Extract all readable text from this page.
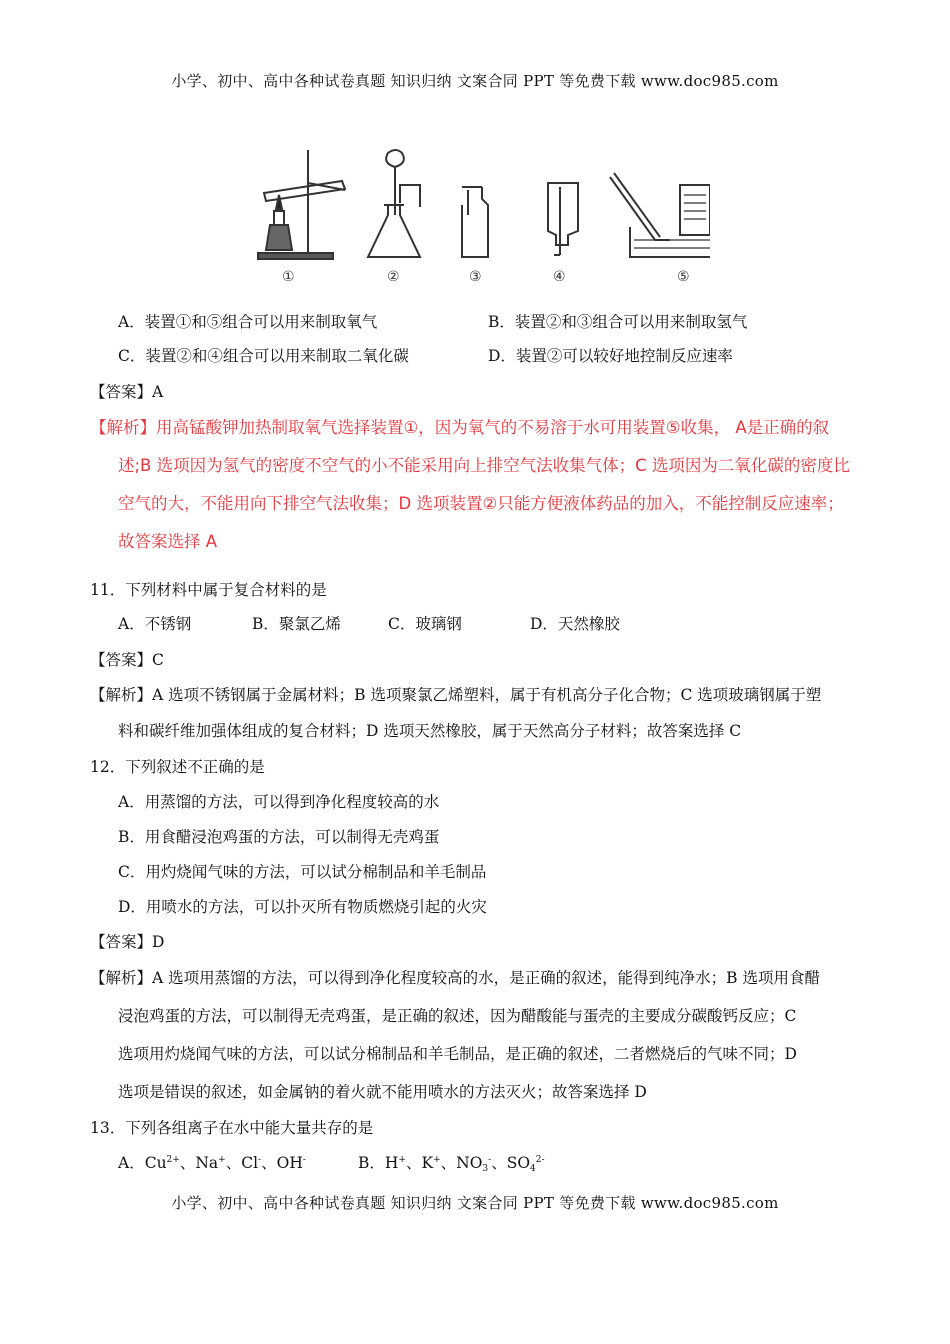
小学、初中、高中各种试卷真题 知识归纳 文案合同 PPT 等免费下载 www.doc985.com
①	②	③	④	⑤
A．装置①和⑤组合可以用来制取氧气	B．装置②和③组合可以用来制取氢气
C．装置②和④组合可以用来制取二氧化碳	D．装置②可以较好地控制反应速率
【答案】A
【解析】用高锰酸钾加热制取氧气选择装置①，因为氧气的不易溶于水可用装置⑤收集， A是正确的叙
述;B 选项因为氢气的密度不空气的小不能采用向上排空气法收集气体；C 选项因为二氧化碳的密度比
空气的大，不能用向下排空气法收集；D 选项装置②只能方便液体药品的加入，不能控制反应速率；
故答案选择 A
11．下列材料中属于复合材料的是
A．不锈钢	B．聚氯乙烯	C．玻璃钢	D．天然橡胶
【答案】C
【解析】A 选项不锈钢属于金属材料；B 选项聚氯乙烯塑料，属于有机高分子化合物；C 选项玻璃钢属于塑
料和碳纤维加强体组成的复合材料；D 选项天然橡胶，属于天然高分子材料；故答案选择 C
12．下列叙述不正确的是
A．用蒸馏的方法，可以得到净化程度较高的水
B．用食醋浸泡鸡蛋的方法，可以制得无壳鸡蛋
C．用灼烧闻气味的方法，可以试分棉制品和羊毛制品
D．用喷水的方法，可以扑灭所有物质燃烧引起的火灾
【答案】D
【解析】A 选项用蒸馏的方法，可以得到净化程度较高的水，是正确的叙述，能得到纯净水；B 选项用食醋
浸泡鸡蛋的方法，可以制得无壳鸡蛋，是正确的叙述，因为醋酸能与蛋壳的主要成分碳酸钙反应；C
选项用灼烧闻气味的方法，可以试分棉制品和羊毛制品，是正确的叙述，二者燃烧后的气味不同；D
选项是错误的叙述，如金属钠的着火就不能用喷水的方法灭火；故答案选择 D
13．下列各组离子在水中能大量共存的是
A．$Cu^{2+}$、Na+、Cl-、OH-	B．H+、K+、$NO_3^-$、$SO_4^{2-}$
小学、初中、高中各种试卷真题 知识归纳 文案合同 PPT 等免费下载 www.doc985.com
